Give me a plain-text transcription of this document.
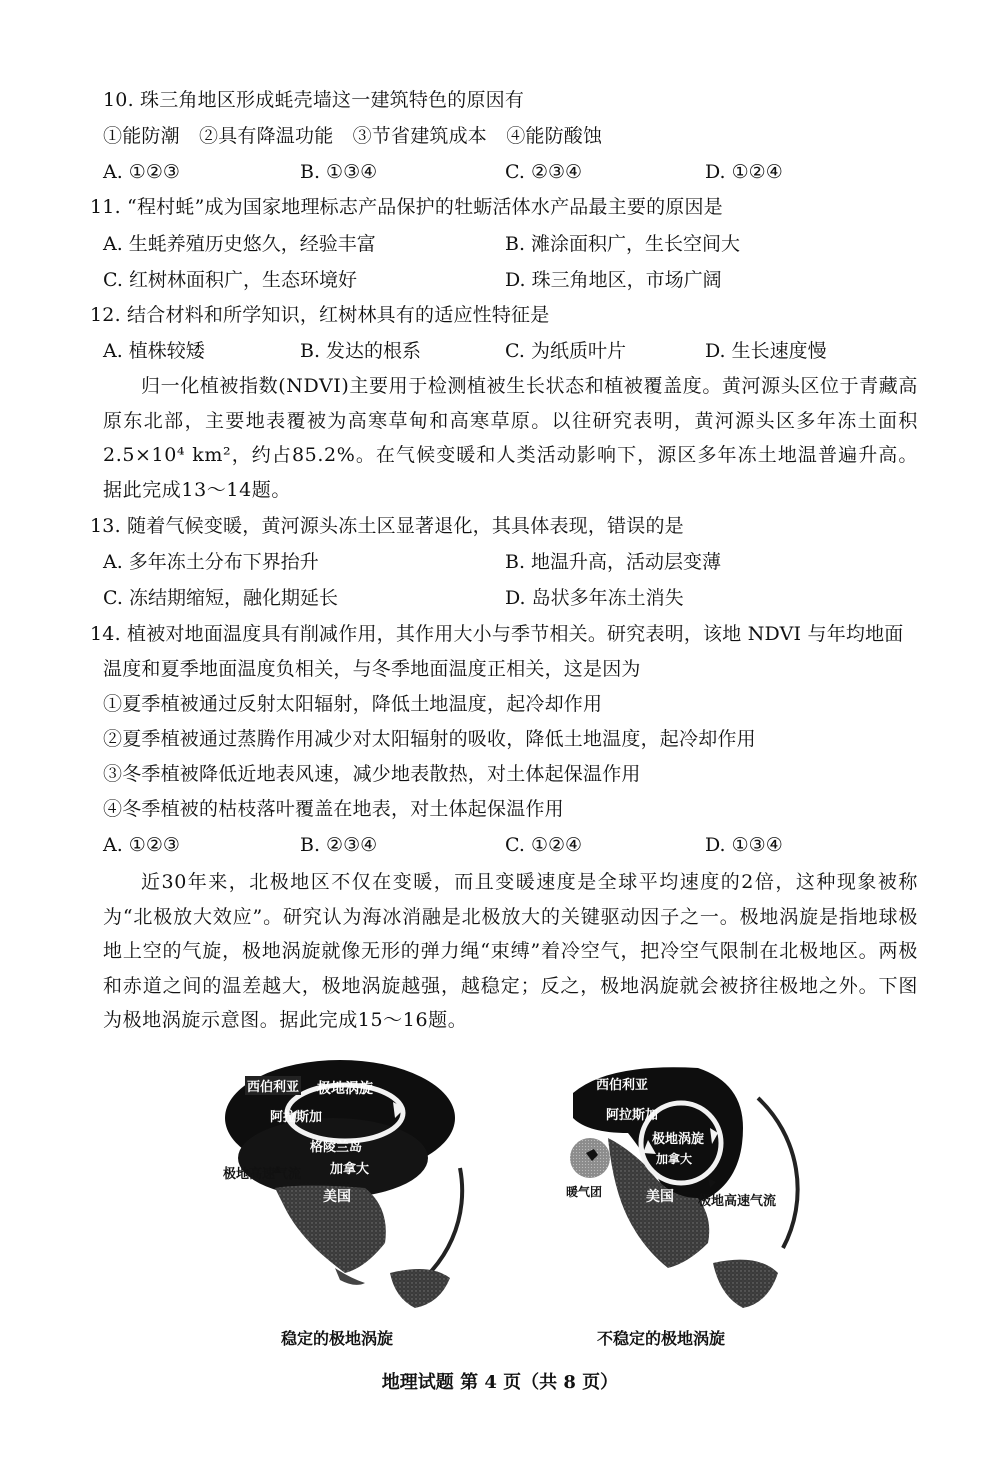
10. 珠三角地区形成蚝壳墙这一建筑特色的原因有
①能防潮　②具有降温功能　③节省建筑成本　④能防酸蚀
A. ①②③	B. ①③④	C. ②③④	D. ①②④
11. “程村蚝”成为国家地理标志产品保护的牡蛎活体水产品最主要的原因是
A. 生蚝养殖历史悠久，经验丰富	B. 滩涂面积广，生长空间大
C. 红树林面积广，生态环境好	D. 珠三角地区，市场广阔
12. 结合材料和所学知识，红树林具有的适应性特征是
A. 植株较矮	B. 发达的根系	C. 为纸质叶片	D. 生长速度慢
归一化植被指数(NDVI)主要用于检测植被生长状态和植被覆盖度。黄河源头区位于青藏高原东北部，主要地表覆被为高寒草甸和高寒草原。以往研究表明，黄河源头区多年冻土面积2.5×10⁴ km²，约占85.2%。在气候变暖和人类活动影响下，源区多年冻土地温普遍升高。据此完成13～14题。
13. 随着气候变暖，黄河源头冻土区显著退化，其具体表现，错误的是
A. 多年冻土分布下界抬升	B. 地温升高，活动层变薄
C. 冻结期缩短，融化期延长	D. 岛状多年冻土消失
14. 植被对地面温度具有削减作用，其作用大小与季节相关。研究表明，该地 NDVI 与年均地面
温度和夏季地面温度负相关，与冬季地面温度正相关，这是因为
①夏季植被通过反射太阳辐射，降低土地温度，起冷却作用
②夏季植被通过蒸腾作用减少对太阳辐射的吸收，降低土地温度，起冷却作用
③冬季植被降低近地表风速，减少地表散热，对土体起保温作用
④冬季植被的枯枝落叶覆盖在地表，对土体起保温作用
A. ①②③	B. ②③④	C. ①②④	D. ①③④
近30年来，北极地区不仅在变暖，而且变暖速度是全球平均速度的2倍，这种现象被称为“北极放大效应”。研究认为海冰消融是北极放大的关键驱动因子之一。极地涡旋是指地球极地上空的气旋，极地涡旋就像无形的弹力绳“束缚”着冷空气，把冷空气限制在北极地区。两极和赤道之间的温差越大，极地涡旋越强，越稳定；反之，极地涡旋就会被挤往极地之外。下图为极地涡旋示意图。据此完成15～16题。
西伯利亚 极地涡旋
阿拉斯加
格陵兰岛
加拿大
美国
极地高速气流
西伯利亚
阿拉斯加
极地涡旋
加拿大
美国
暖气团
极地高速气流
稳定的极地涡旋	不稳定的极地涡旋
地理试题 第 4 页（共 8 页）
